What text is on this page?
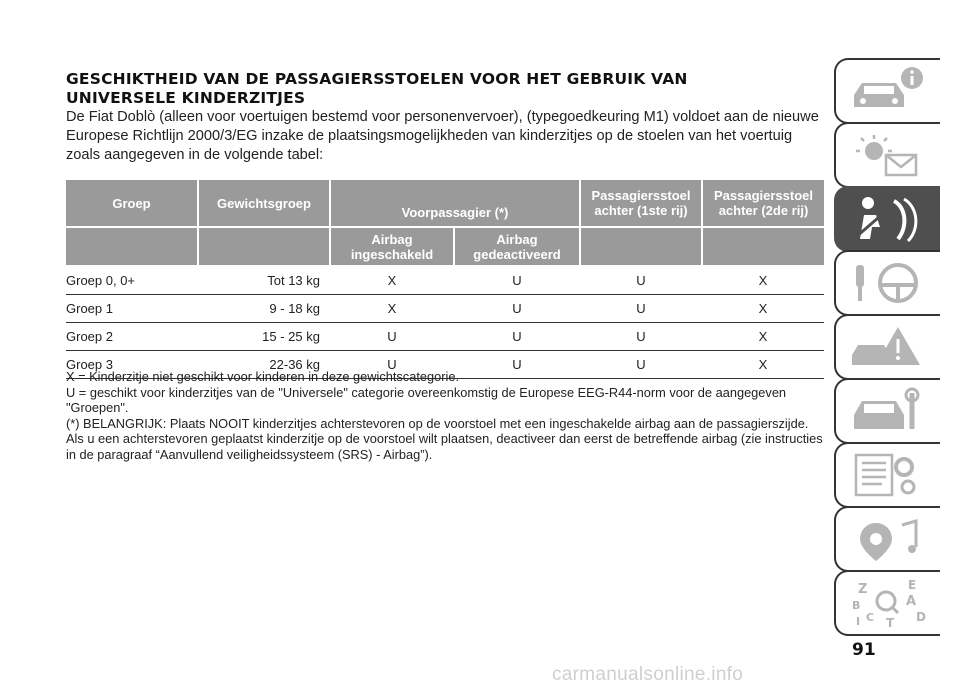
GESCHIKTHEID VAN DE PASSAGIERSSTOELEN VOOR HET GEBRUIK VAN
UNIVERSELE KINDERZITJES
De Fiat Doblò (alleen voor voertuigen bestemd voor personenvervoer), (typegoedkeuring M1) voldoet aan de nieuwe Europese Richtlijn 2000/3/EG inzake de plaatsingsmogelijkheden van kinderzitjes op de stoelen van het voertuig zoals aangegeven in de volgende tabel:
Groep	Gewichtsgroep	Voorpassagier (*)		Passagiersstoel achter (1ste rij)	Passagiersstoel achter (2de rij)
		Airbag ingeschakeld	Airbag gedeactiveerd		
Groep 0, 0+	Tot 13 kg	X	U	U	X
Groep 1	9 - 18 kg	X	U	U	X
Groep 2	15 - 25 kg	U	U	U	X
Groep 3	22-36 kg	U	U	U	X

X = Kinderzitje niet geschikt voor kinderen in deze gewichtscategorie.

U = geschikt voor kinderzitjes van de "Universele" categorie overeenkomstig de Europese EEG-R44-norm voor de aangegeven "Groepen".

(*) BELANGRIJK: Plaats NOOIT kinderzitjes achterstevoren op de voorstoel met een ingeschakelde airbag aan de passagierszijde. Als u een achterstevoren geplaatst kinderzitje op de voorstoel wilt plaatsen, deactiveer dan eerst de betreffende airbag (zie instructies in de paragraaf “Aanvullend veiligheidssysteem (SRS) - Airbag”).

Z	E
B	A
C	D
I T
91
carmanualsonline.info
